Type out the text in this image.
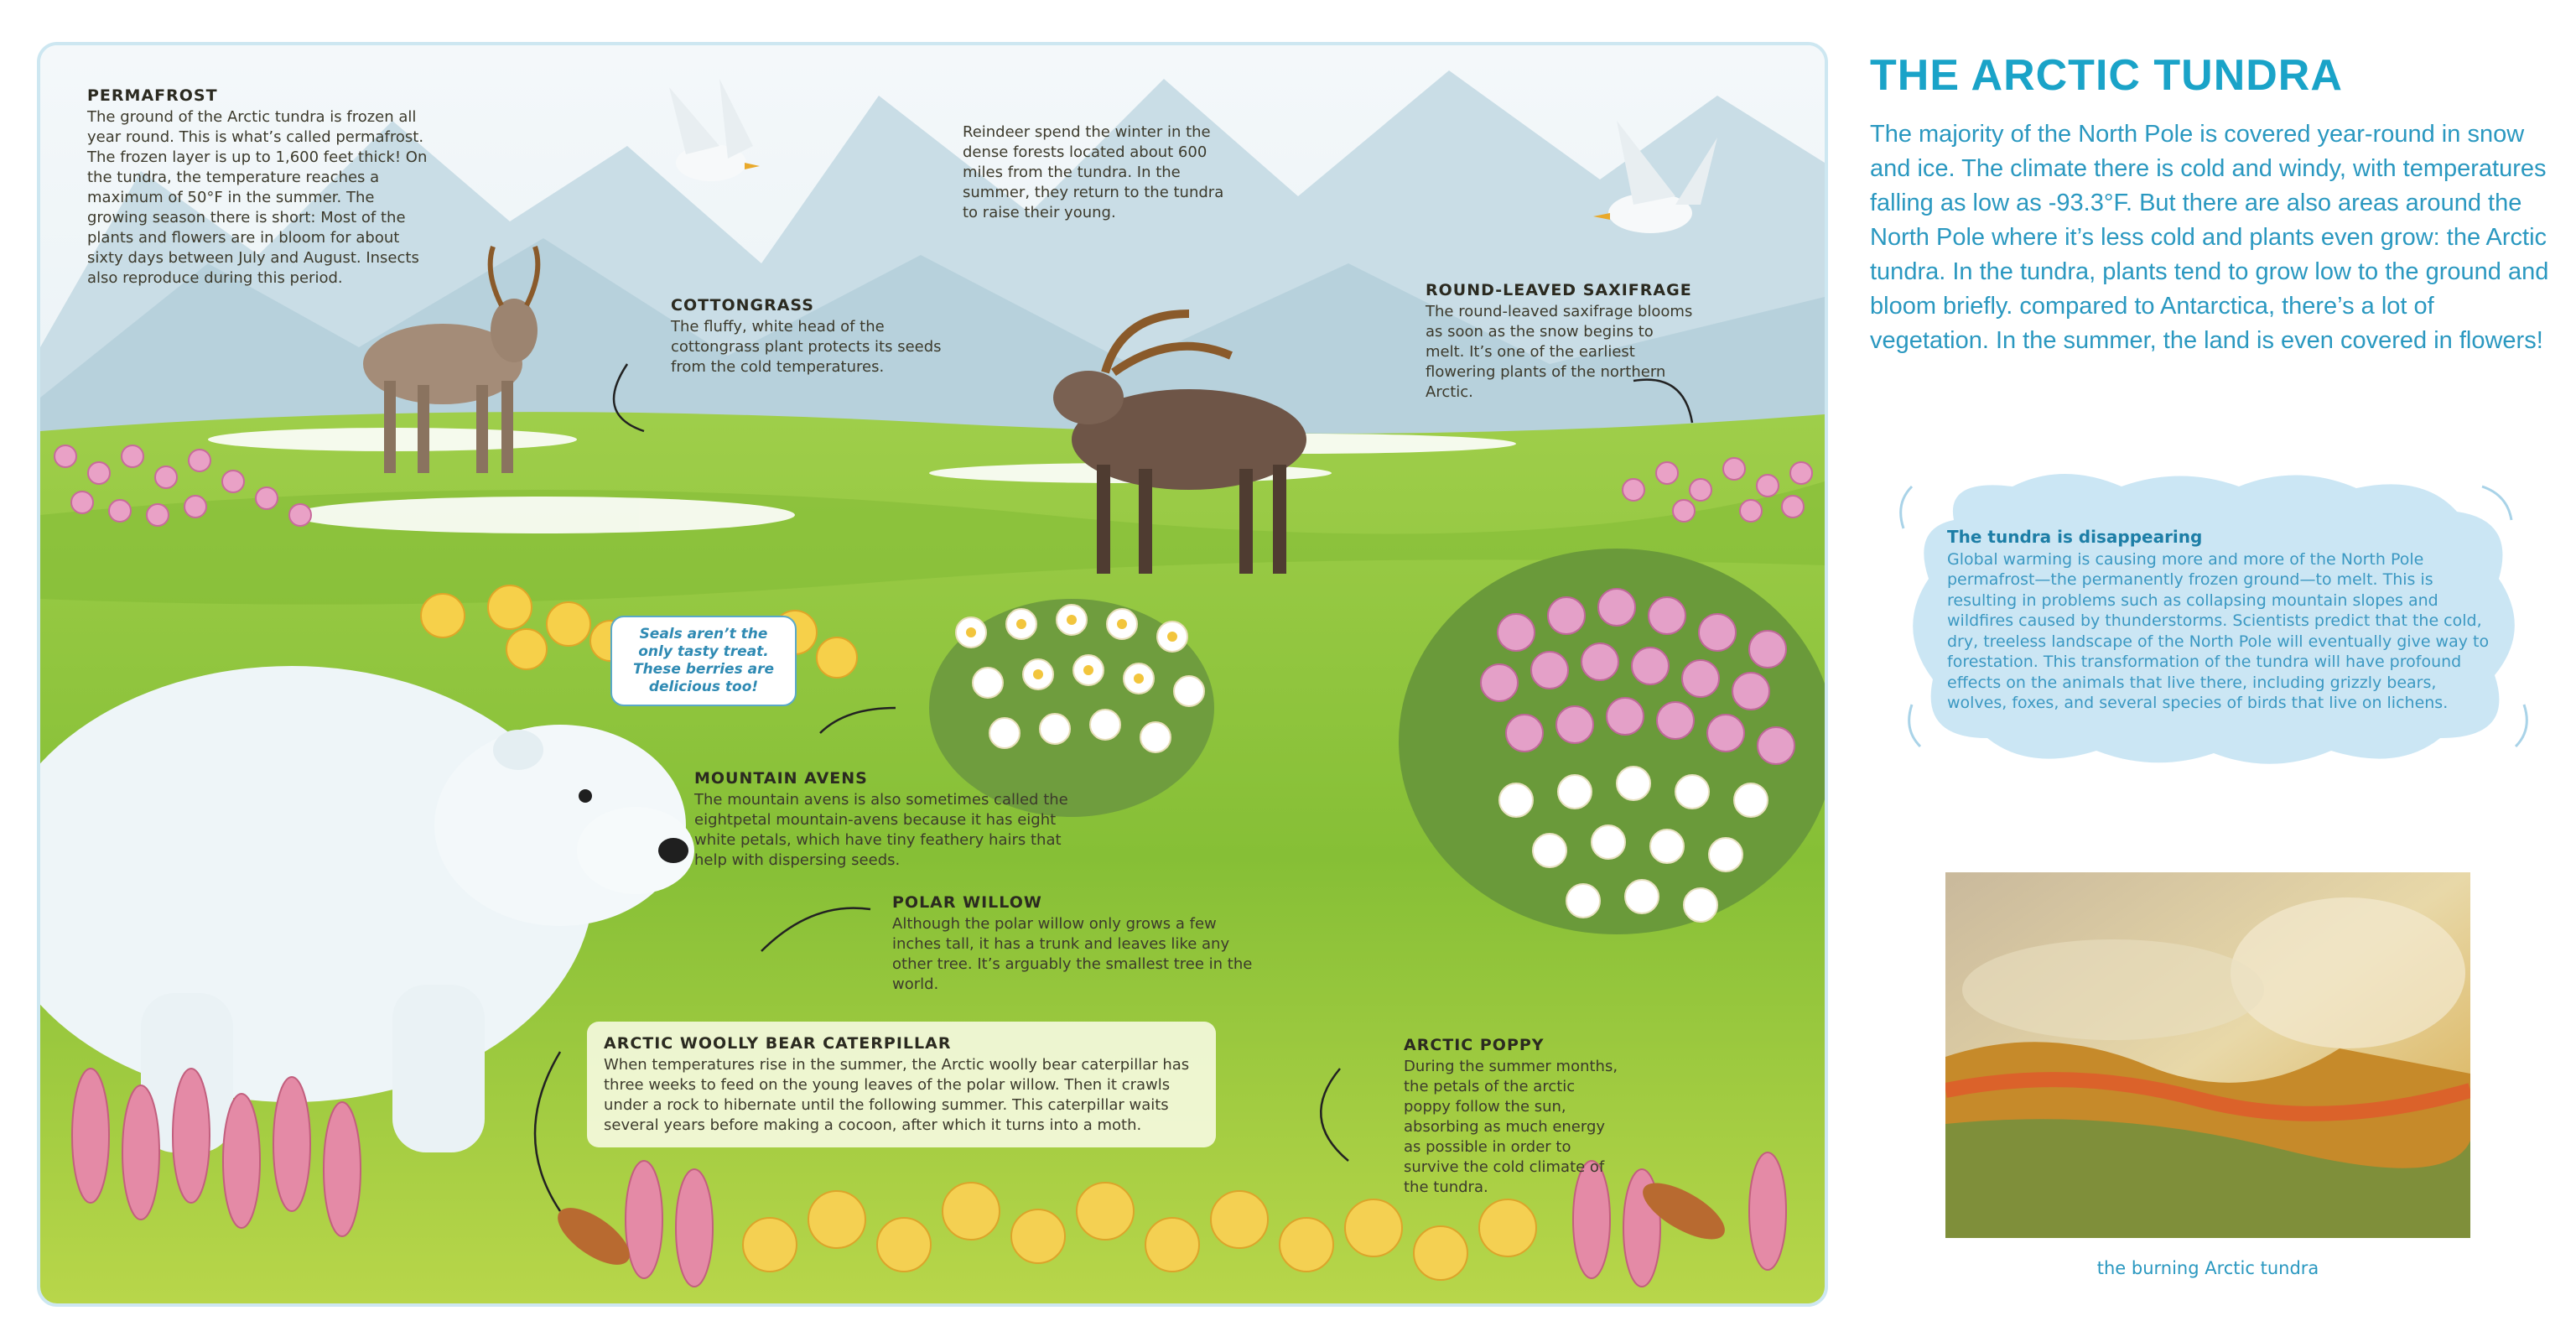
PERMAFROST

The ground of the Arctic tundra is frozen all year round. This is what’s called permafrost. The frozen layer is up to 1,600 feet thick! On the tundra, the temperature reaches a maximum of 50°F in the summer. The growing season there is short: Most of the plants and flowers are in bloom for about sixty days between July and August. Insects also reproduce during this period.

Reindeer spend the winter in the dense forests located about 600 miles from the tundra. In the summer, they return to the tundra to raise their young.

COTTONGRASS

The fluffy, white head of the cottongrass plant protects its seeds from the cold temperatures.

ROUND-LEAVED SAXIFRAGE

The round-leaved saxifrage blooms as soon as the snow begins to melt. It’s one of the earliest flowering plants of the northern Arctic.

Seals aren’t the only tasty treat. These berries are delicious too!
MOUNTAIN AVENS

The mountain avens is also sometimes called the eightpetal mountain-avens because it has eight white petals, which have tiny feathery hairs that help with dispersing seeds.

POLAR WILLOW

Although the polar willow only grows a few inches tall, it has a trunk and leaves like any other tree. It’s arguably the smallest tree in the world.

ARCTIC WOOLLY BEAR CATERPILLAR

When temperatures rise in the summer, the Arctic woolly bear caterpillar has three weeks to feed on the young leaves of the polar willow. Then it crawls under a rock to hibernate until the following summer. This caterpillar waits several years before making a cocoon, after which it turns into a moth.

ARCTIC POPPY

During the summer months, the petals of the arctic poppy follow the sun, absorbing as much energy as possible in order to survive the cold climate of the tundra.

THE ARCTIC TUNDRA
The majority of the North Pole is covered year-round in snow and ice. The climate there is cold and windy, with temperatures falling as low as -93.3°F. But there are also areas around the North Pole where it’s less cold and plants even grow: the Arctic tundra. In the tundra, plants tend to grow low to the ground and bloom briefly. compared to Antarctica, there’s a lot of vegetation. In the summer, the land is even covered in flowers!
The tundra is disappearing
Global warming is causing more and more of the North Pole permafrost—the permanently frozen ground—to melt. This is resulting in problems such as collapsing mountain slopes and wildfires caused by thunderstorms. Scientists predict that the cold, dry, treeless landscape of the North Pole will eventually give way to forestation. This transformation of the tundra will have profound effects on the animals that live there, including grizzly bears, wolves, foxes, and several species of birds that live on lichens.
the burning Arctic tundra
